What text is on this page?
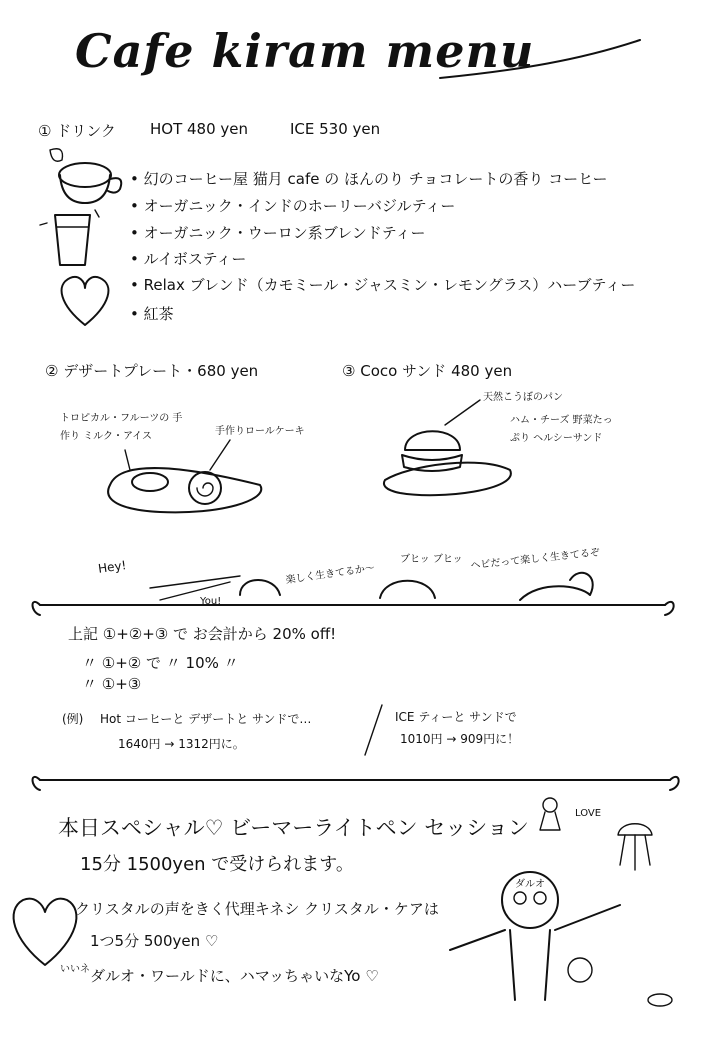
Cafe kiram menu
① ドリンク HOT 480 yen	ICE 530 yen
• 幻のコーヒー屋 猫月 cafe の ほんのり チョコレートの香り コーヒー
• オーガニック・インドのホーリーバジルティー
• オーガニック・ウーロン系ブレンドティー
• ルイボスティー
• Relax ブレンド（カモミール・ジャスミン・レモングラス）ハーブティー
• 紅茶
② デザートプレート・680 yen	③ Coco サンド 480 yen
トロピカル・フルーツの 手作り ミルク・アイス	手作りロールケーキ
天然こうぼのパン
ハム・チーズ 野菜たっぷり ヘルシーサンド
Hey!
You!
楽しく生きてるか〜
ブヒッ ブヒッ ヘビだって楽しく生きてるぞ
上記 ①+②+③ で お会計から 20% off!
〃 ①+② で 〃 10% 〃
〃 ①+③
(例) Hot コーヒーと デザートと サンドで…
1640円 → 1312円に。
ICE ティーと サンドで
1010円 → 909円に！
本日スペシャル♡ ビーマーライトペン セッション
15分 1500yen で受けられます。
クリスタルの声をきく代理キネシ クリスタル・ケアは
1つ5分 500yen ♡
ダルオ・ワールドに、ハマッちゃいなYo ♡
ダルオ
LOVE
いいネ
